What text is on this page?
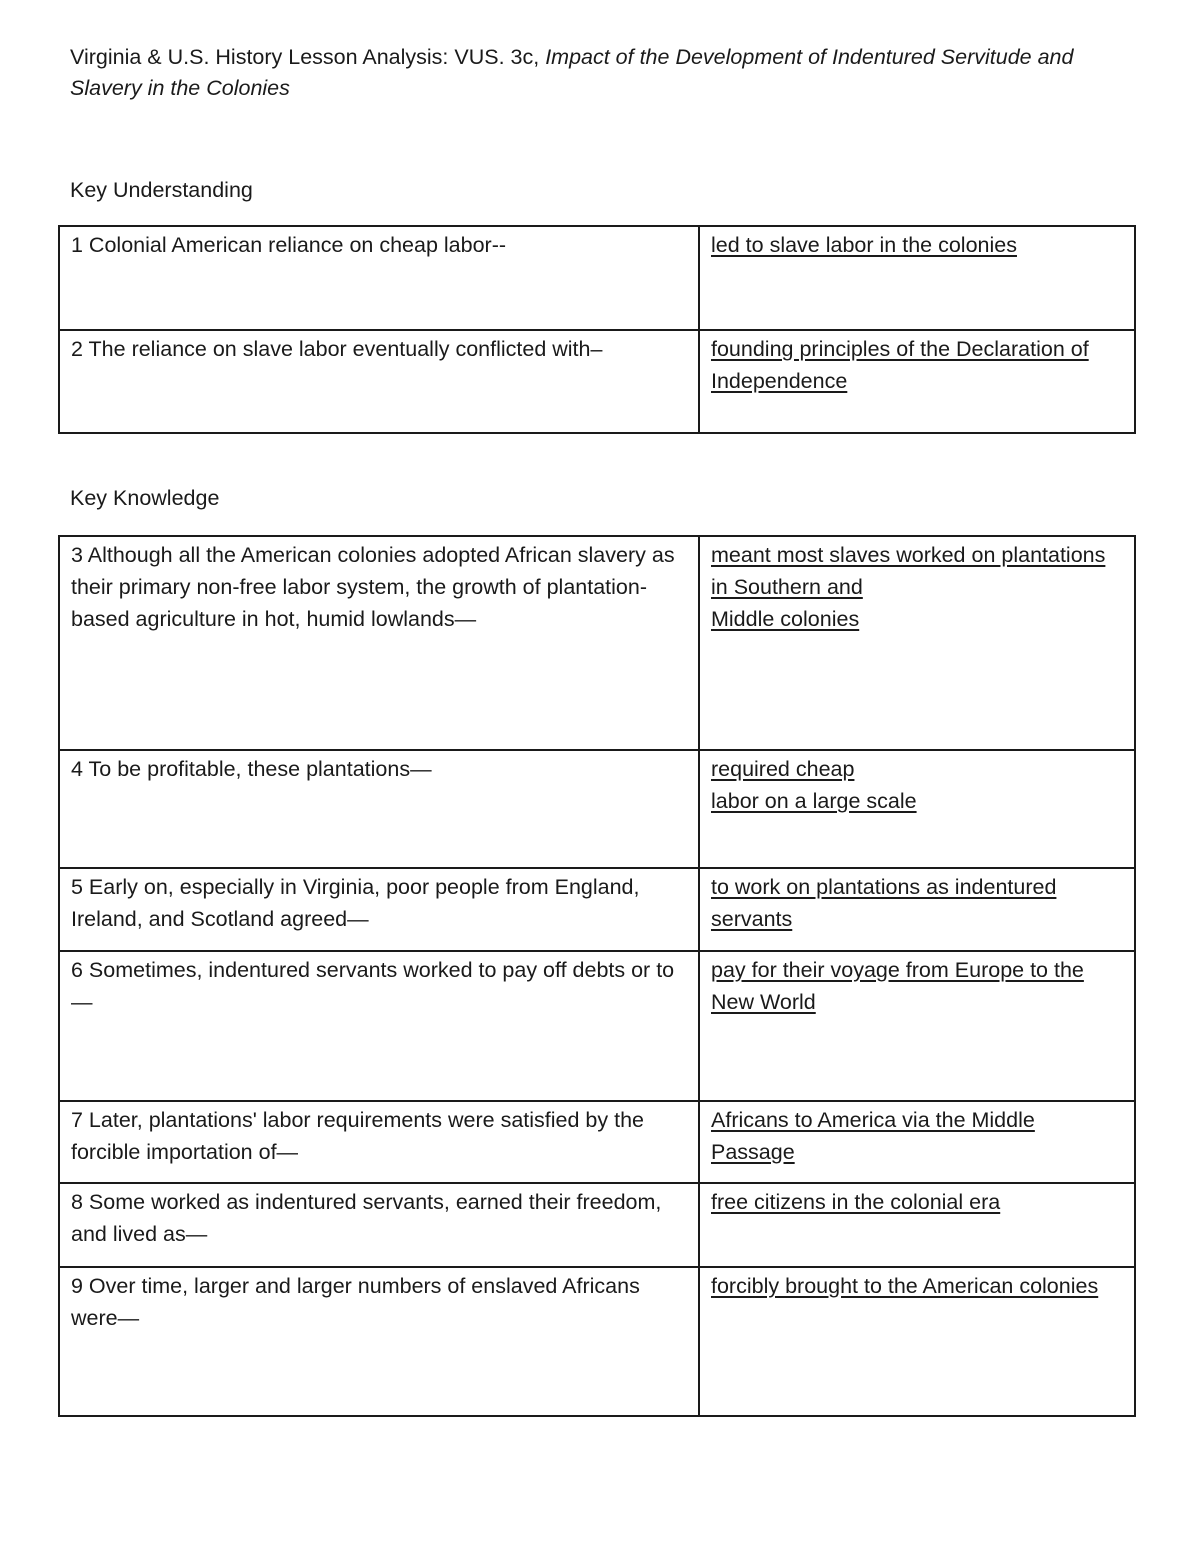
Virginia & U.S. History Lesson Analysis: VUS. 3c, Impact of the Development of Indentured Servitude and Slavery in the Colonies

Key Understanding

1 Colonial American reliance on cheap labor--	led to slave labor in the colonies

2 The reliance on slave labor eventually conflicted with–	founding principles of the Declaration of Independence

Key Knowledge

3 Although all the American colonies adopted African slavery as their primary non-free labor system, the growth of plantation-based agriculture in hot, humid lowlands—	meant most slaves worked on plantations
in Southern and
Middle colonies

4 To be profitable, these plantations—	required cheap
labor on a large scale

5 Early on, especially in Virginia, poor people from England, Ireland, and Scotland agreed—	to work on plantations as indentured servants

6 Sometimes, indentured servants worked to pay off debts or to—	pay for their voyage from Europe to the New World

7 Later, plantations' labor requirements were satisfied by the forcible importation of—	Africans to America via the Middle Passage

8 Some worked as indentured servants, earned their freedom, and lived as—	free citizens in the colonial era

9 Over time, larger and larger numbers of enslaved Africans were—	forcibly brought to the American colonies
